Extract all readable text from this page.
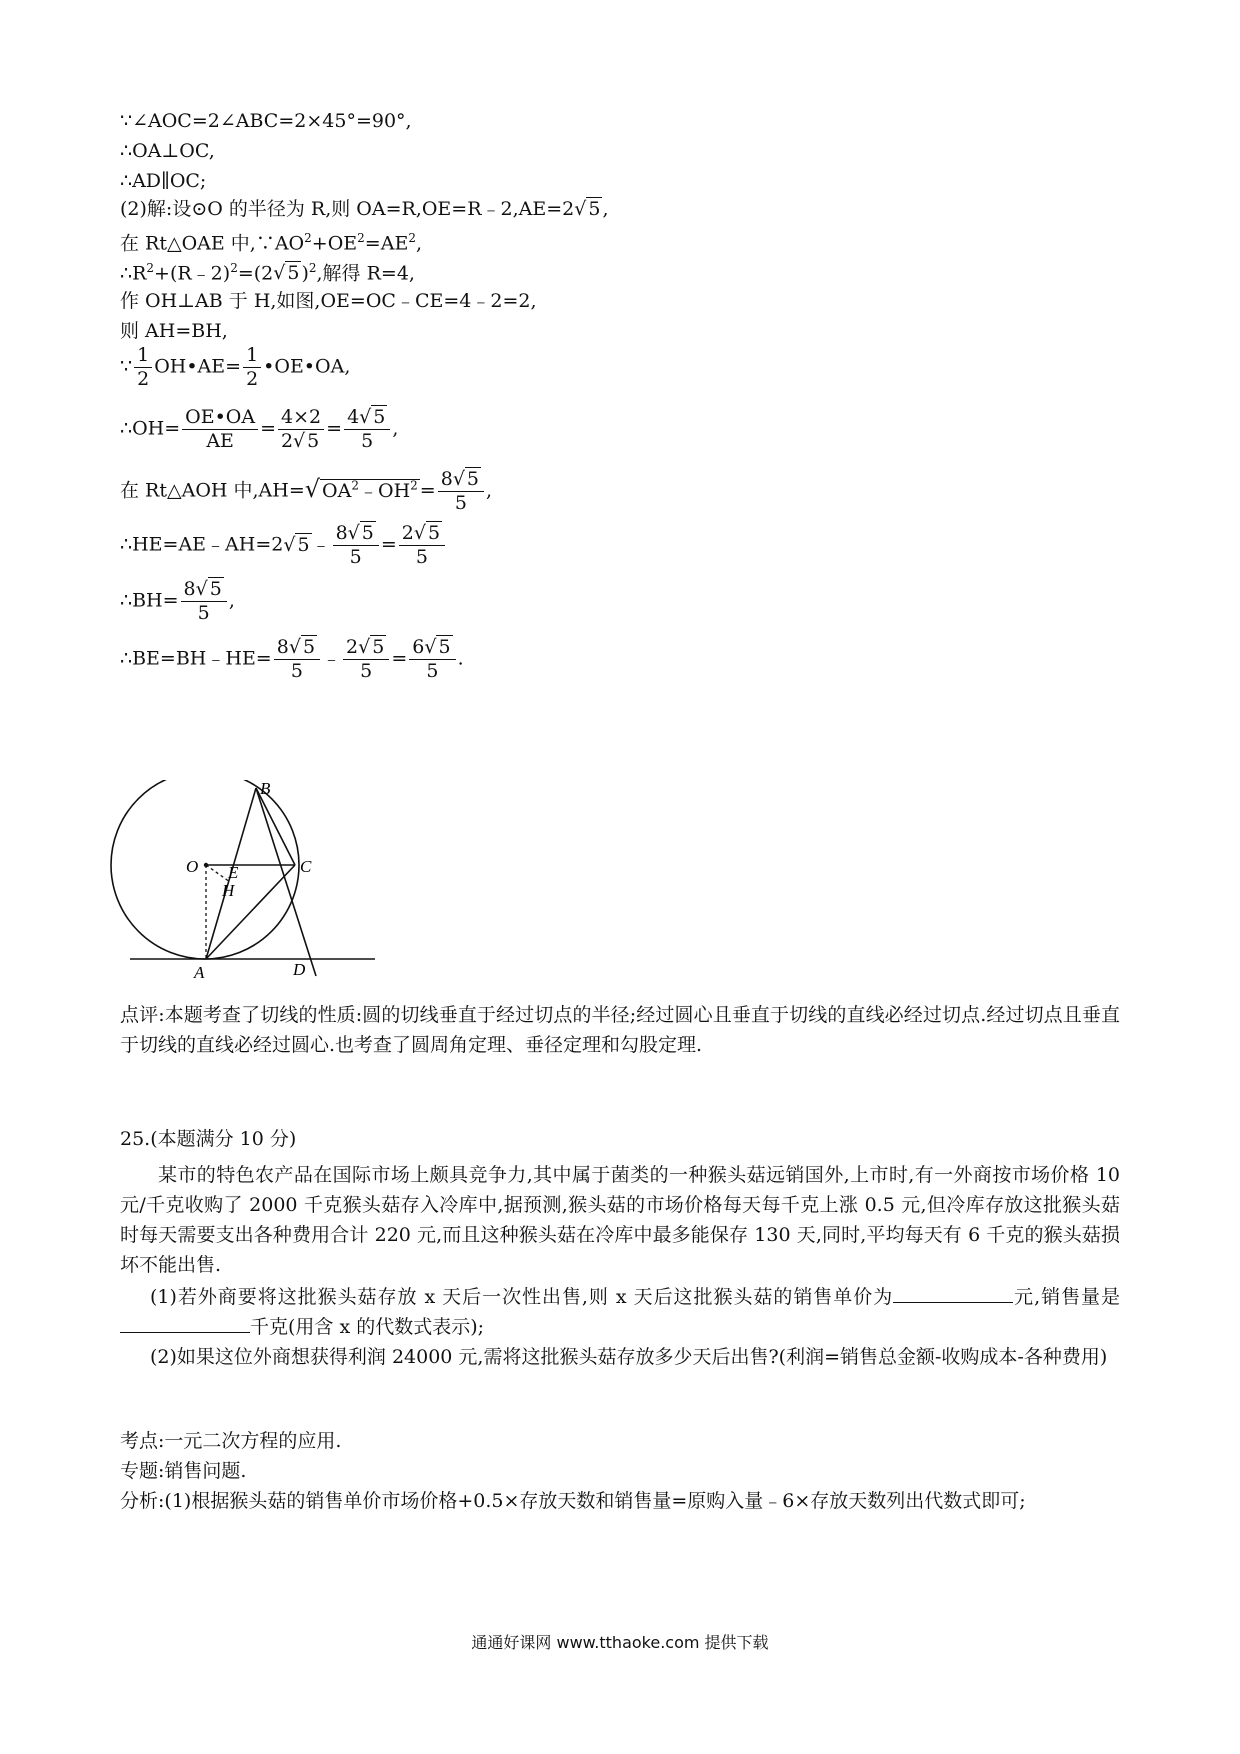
∵∠AOC=2∠ABC=2×45°=90°,
∴OA⊥OC,
∴AD∥OC;
(2)解:设⊙O 的半径为 R,则 OA=R,OE=R﹣2,AE=2√ 5 ,
在 Rt△OAE 中$,\because AO^2+OE^2=AE^2$,
$\therefore R^2+(R﹣2)^2=(2√$ 5 )$^2$,解得 R=4,
作 OH⊥AB 于 H,如图,OE=OC﹣CE=4﹣2=2,
则 AH=BH,
∵ $\frac{1}{2}$ OH•AE= $\frac{1}{2}$ •OE•OA,
∴OH= $\frac{OE•OA}{AE} = \frac{4\times 2}{2√ 5} = \frac{4√ 5}{5}$ ,
在 Rt△AOH 中,AH=√ $OA^2﹣OH^2 = \frac{8√ 5}{5}$ ,
∴HE=AE﹣AH=2√ 5 ﹣ $\frac{8√ 5}{5} = \frac{2√ 5}{5}$
∴BH= $\frac{8√ 5}{5}$ ,
∴BE=BH﹣HE= $\frac{8√ 5}{5}$ ﹣ $\frac{2√ 5}{5} = \frac{6√ 5}{5}$ .
B
O E	C
H
A	D
点评:本题考查了切线的性质:圆的切线垂直于经过切点的半径;经过圆心且垂直于切线的直线必经过切点.经过切点且垂直于切线的直线必经过圆心.也考查了圆周角定理、垂径定理和勾股定理.
25.(本题满分 10 分)
某市的特色农产品在国际市场上颇具竞争力,其中属于菌类的一种猴头菇远销国外,上市时,有一外商按市场价格 10 元/千克收购了 2000 千克猴头菇存入冷库中,据预测,猴头菇的市场价格每天每千克上涨 0.5 元,但冷库存放这批猴头菇时每天需要支出各种费用合计 220 元,而且这种猴头菇在冷库中最多能保存 130 天,同时,平均每天有 6 千克的猴头菇损坏不能出售.
(1)若外商要将这批猴头菇存放 x 天后一次性出售,则 x 天后这批猴头菇的销售单价为	元,销售量是千克(用含 x 的代数式表示);
(2)如果这位外商想获得利润 24000 元,需将这批猴头菇存放多少天后出售?(利润=销售总金额-收购成本-各种费用)
考点:一元二次方程的应用.
专题:销售问题.
分析:(1)根据猴头菇的销售单价市场价格+0.5×存放天数和销售量=原购入量﹣6×存放天数列出代数式即可;
通通好课网 www.tthaoke.com 提供下载
